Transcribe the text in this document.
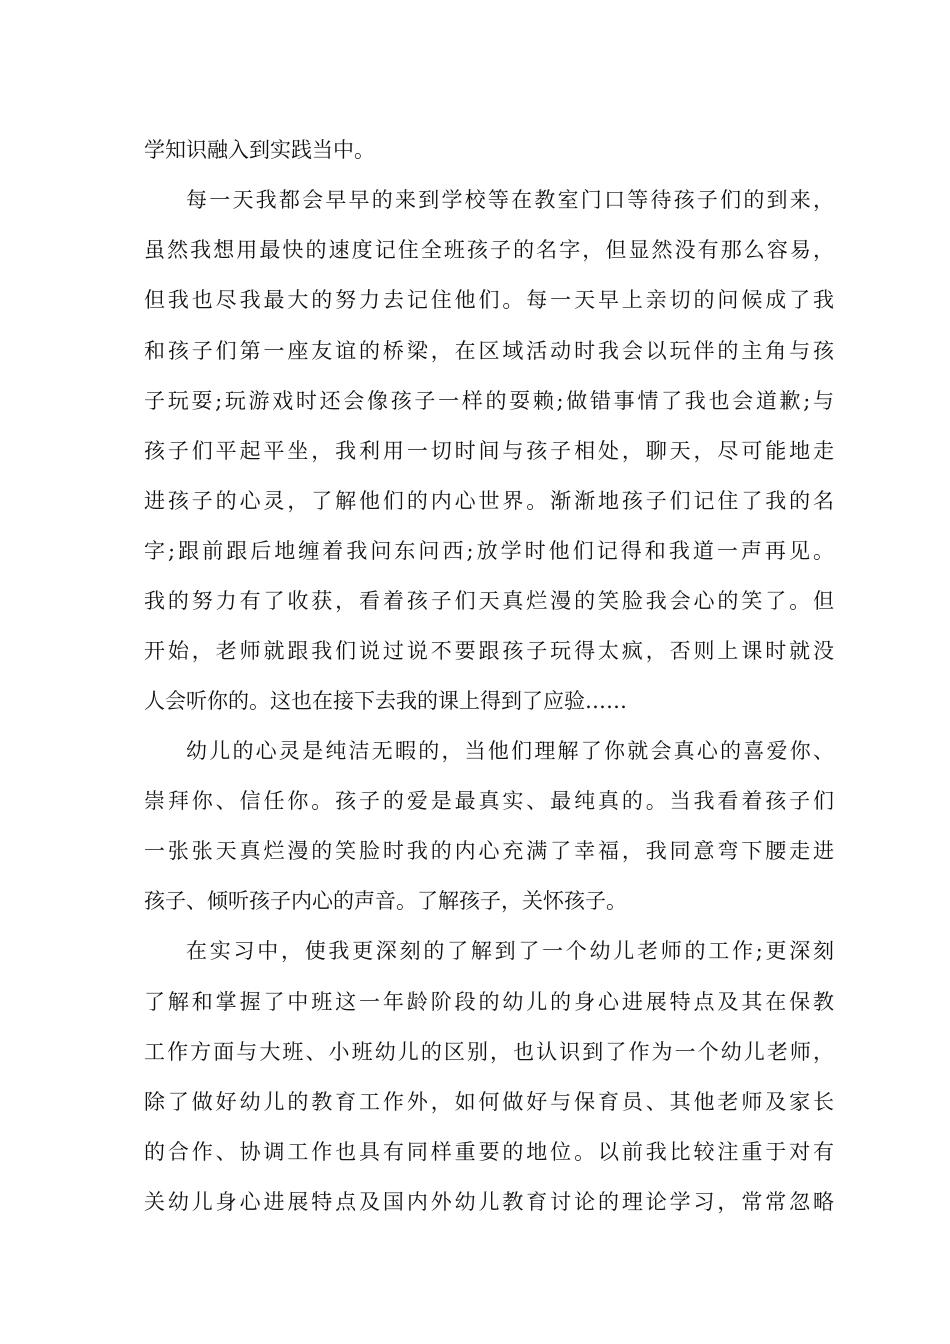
学知识融入到实践当中。
每一天我都会早早的来到学校等在教室门口等待孩子们的到来，
虽然我想用最快的速度记住全班孩子的名字，但显然没有那么容易，
但我也尽我最大的努力去记住他们。每一天早上亲切的问候成了我
和孩子们第一座友谊的桥梁，在区域活动时我会以玩伴的主角与孩
子玩耍;玩游戏时还会像孩子一样的耍赖;做错事情了我也会道歉;与
孩子们平起平坐，我利用一切时间与孩子相处，聊天，尽可能地走
进孩子的心灵，了解他们的内心世界。渐渐地孩子们记住了我的名
字;跟前跟后地缠着我问东问西;放学时他们记得和我道一声再见。
我的努力有了收获，看着孩子们天真烂漫的笑脸我会心的笑了。但
开始，老师就跟我们说过说不要跟孩子玩得太疯，否则上课时就没
人会听你的。这也在接下去我的课上得到了应验……
幼儿的心灵是纯洁无暇的，当他们理解了你就会真心的喜爱你、
崇拜你、信任你。孩子的爱是最真实、最纯真的。当我看着孩子们
一张张天真烂漫的笑脸时我的内心充满了幸福，我同意弯下腰走进
孩子、倾听孩子内心的声音。了解孩子，关怀孩子。
在实习中，使我更深刻的了解到了一个幼儿老师的工作;更深刻
了解和掌握了中班这一年龄阶段的幼儿的身心进展特点及其在保教
工作方面与大班、小班幼儿的区别，也认识到了作为一个幼儿老师，
除了做好幼儿的教育工作外，如何做好与保育员、其他老师及家长
的合作、协调工作也具有同样重要的地位。以前我比较注重于对有
关幼儿身心进展特点及国内外幼儿教育讨论的理论学习，常常忽略
